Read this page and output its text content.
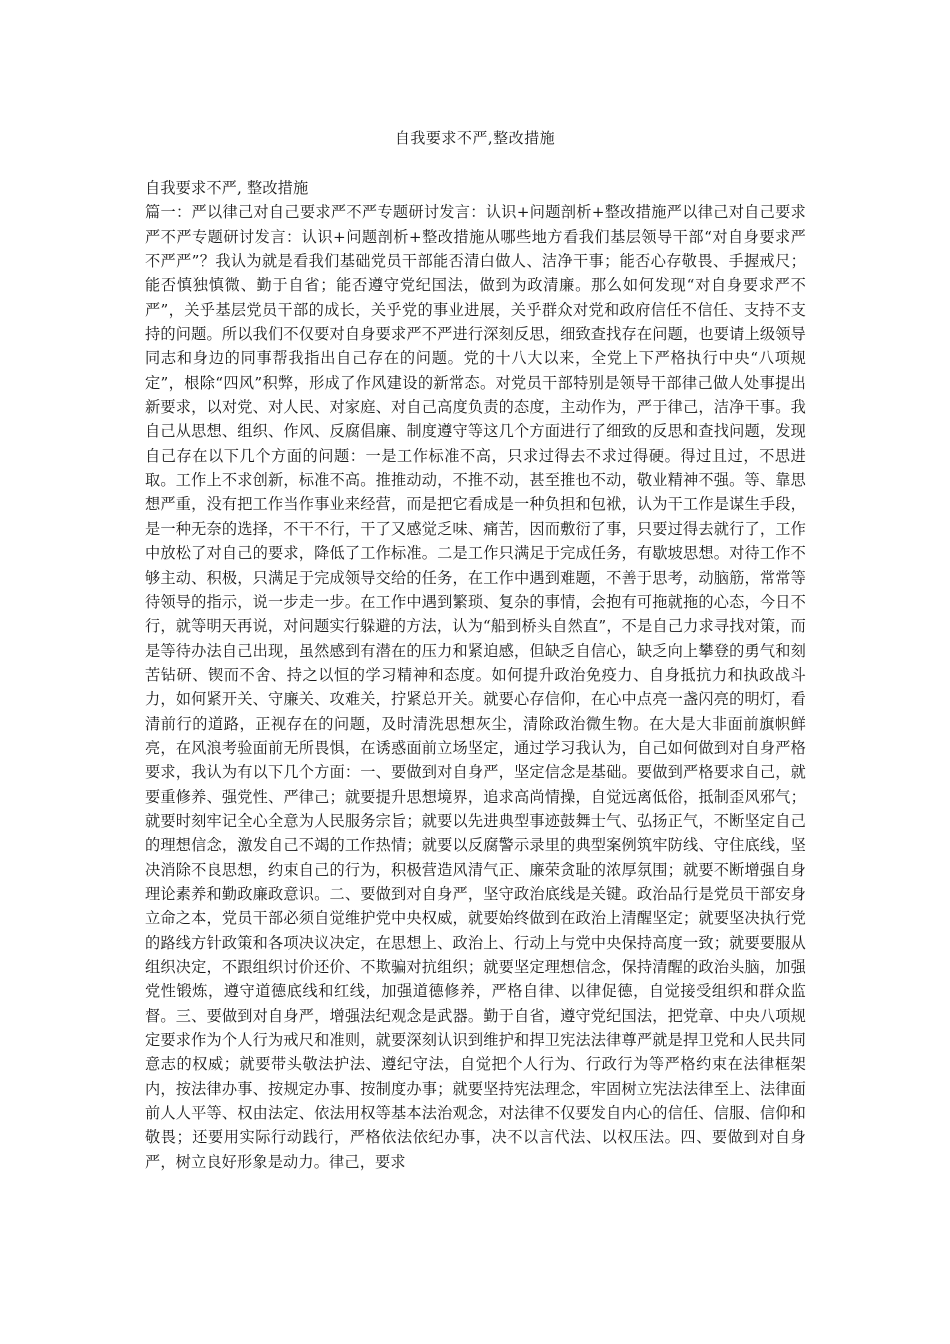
自我要求不严,整改措施
自我要求不严, 整改措施

篇一：严以律己对自己要求严不严专题研讨发言：认识+问题剖析+整改措施严以律己对自己要求严不严专题研讨发言：认识+问题剖析+整改措施从哪些地方看我们基层领导干部“对自身要求严不严严”？我认为就是看我们基础党员干部能否清白做人、洁净干事；能否心存敬畏、手握戒尺；能否慎独慎微、勤于自省；能否遵守党纪国法，做到为政清廉。那么如何发现“对自身要求严不严”，关乎基层党员干部的成长，关乎党的事业进展，关乎群众对党和政府信任不信任、支持不支持的问题。所以我们不仅要对自身要求严不严进行深刻反思，细致查找存在问题，也要请上级领导同志和身边的同事帮我指出自己存在的问题。党的十八大以来，全党上下严格执行中央“八项规定”，根除“四风”积弊，形成了作风建设的新常态。对党员干部特别是领导干部律己做人处事提出新要求，以对党、对人民、对家庭、对自己高度负责的态度，主动作为，严于律己，洁净干事。我自己从思想、组织、作风、反腐倡廉、制度遵守等这几个方面进行了细致的反思和查找问题，发现自己存在以下几个方面的问题：一是工作标准不高，只求过得去不求过得硬。得过且过，不思进取。工作上不求创新，标准不高。推推动动，不推不动，甚至推也不动，敬业精神不强。等、靠思想严重，没有把工作当作事业来经营，而是把它看成是一种负担和包袱，认为干工作是谋生手段，是一种无奈的选择，不干不行，干了又感觉乏味、痛苦，因而敷衍了事，只要过得去就行了，工作中放松了对自己的要求，降低了工作标准。二是工作只满足于完成任务，有歇坡思想。对待工作不够主动、积极，只满足于完成领导交给的任务，在工作中遇到难题，不善于思考，动脑筋，常常等待领导的指示，说一步走一步。在工作中遇到繁琐、复杂的事情，会抱有可拖就拖的心态，今日不行，就等明天再说，对问题实行躲避的方法，认为“船到桥头自然直”，不是自己力求寻找对策，而是等待办法自己出现，虽然感到有潜在的压力和紧迫感，但缺乏自信心，缺乏向上攀登的勇气和刻苦钻研、锲而不舍、持之以恒的学习精神和态度。如何提升政治免疫力、自身抵抗力和执政战斗力，如何紧开关、守廉关、攻难关，拧紧总开关。就要心存信仰，在心中点亮一盏闪亮的明灯，看清前行的道路，正视存在的问题，及时清洗思想灰尘，清除政治微生物。在大是大非面前旗帜鲜亮，在风浪考验面前无所畏惧，在诱惑面前立场坚定，通过学习我认为，自己如何做到对自身严格要求，我认为有以下几个方面：一、要做到对自身严，坚定信念是基础。要做到严格要求自己，就要重修养、强党性、严律己；就要提升思想境界，追求高尚情操，自觉远离低俗，抵制歪风邪气；就要时刻牢记全心全意为人民服务宗旨；就要以先进典型事迹鼓舞士气、弘扬正气，不断坚定自己的理想信念，激发自己不竭的工作热情；就要以反腐警示录里的典型案例筑牢防线、守住底线，坚决消除不良思想，约束自己的行为，积极营造风清气正、廉荣贪耻的浓厚氛围；就要不断增强自身理论素养和勤政廉政意识。二、要做到对自身严，坚守政治底线是关键。政治品行是党员干部安身立命之本，党员干部必须自觉维护党中央权威，就要始终做到在政治上清醒坚定；就要坚决执行党的路线方针政策和各项决议决定，在思想上、政治上、行动上与党中央保持高度一致；就要要服从组织决定，不跟组织讨价还价、不欺骗对抗组织；就要坚定理想信念，保持清醒的政治头脑，加强党性锻炼，遵守道德底线和红线，加强道德修养，严格自律、以律促德，自觉接受组织和群众监督。三、要做到对自身严，增强法纪观念是武器。勤于自省，遵守党纪国法，把党章、中央八项规定要求作为个人行为戒尺和准则，就要深刻认识到维护和捍卫宪法法律尊严就是捍卫党和人民共同意志的权威；就要带头敬法护法、遵纪守法，自觉把个人行为、行政行为等严格约束在法律框架内，按法律办事、按规定办事、按制度办事；就要坚持宪法理念，牢固树立宪法法律至上、法律面前人人平等、权由法定、依法用权等基本法治观念，对法律不仅要发自内心的信任、信服、信仰和敬畏；还要用实际行动践行，严格依法依纪办事，决不以言代法、以权压法。四、要做到对自身严，树立良好形象是动力。律己，要求
